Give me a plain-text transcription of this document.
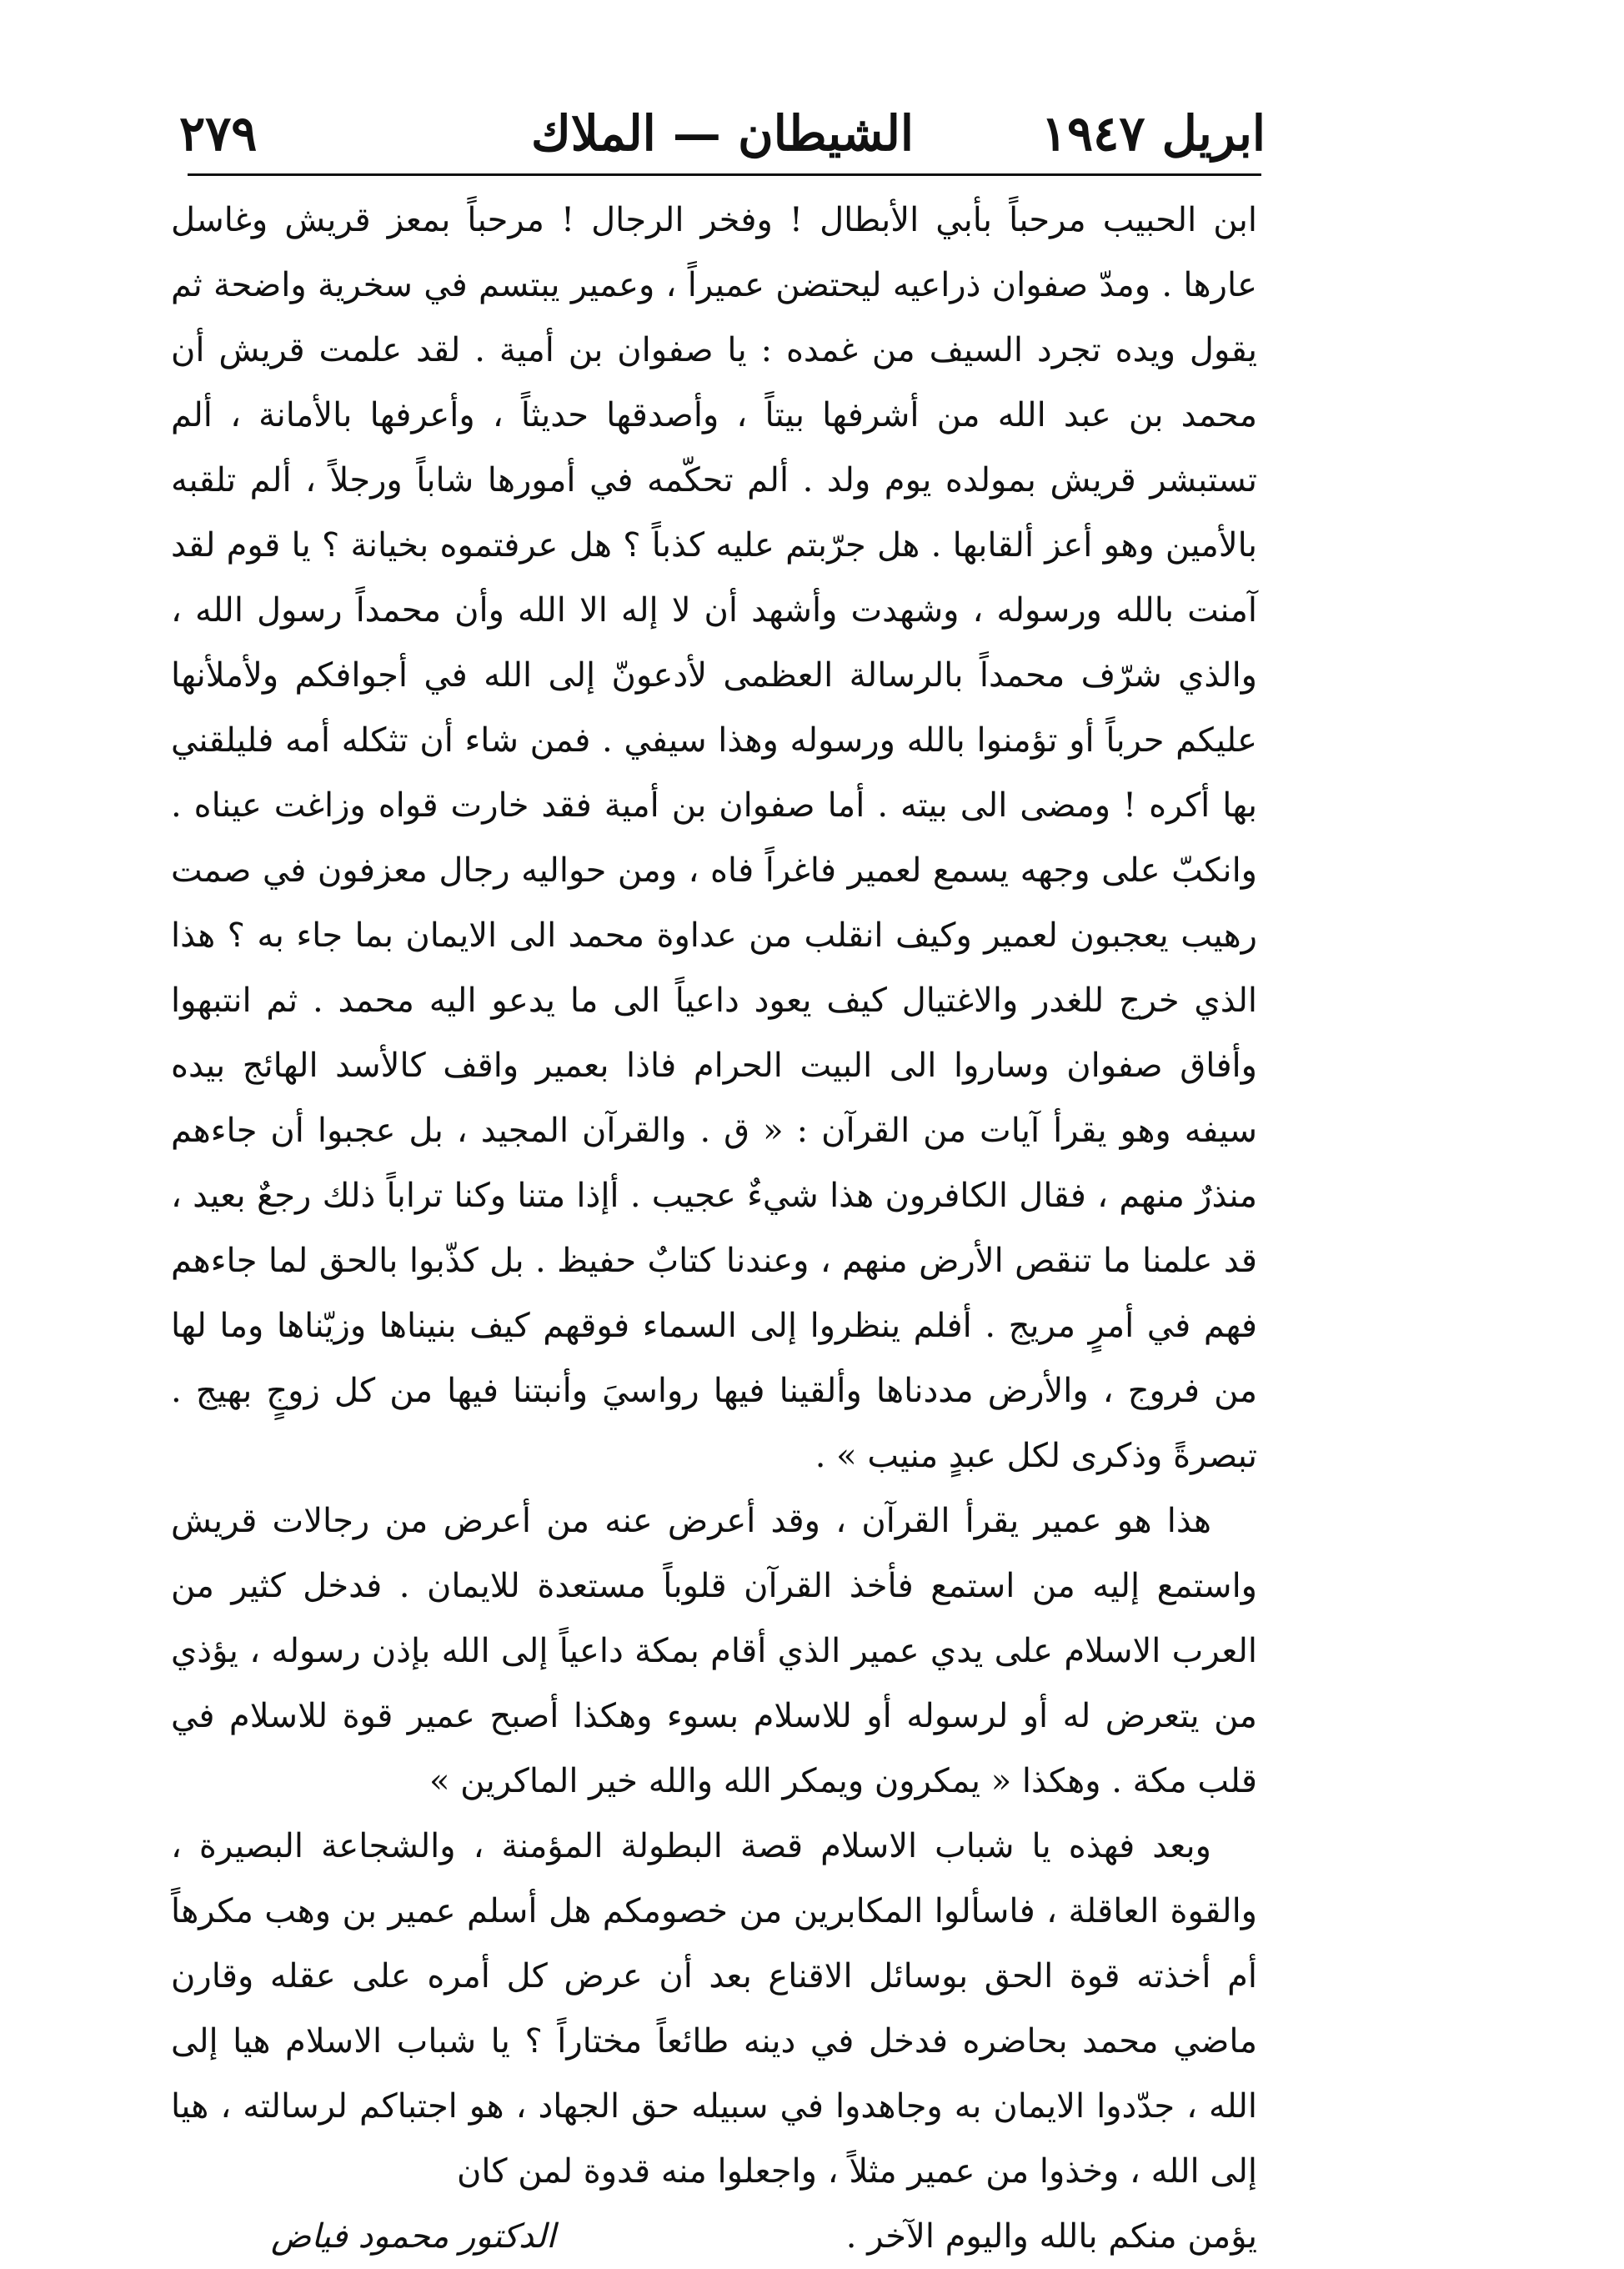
ابريل ١٩٤٧
الشيطان — الملاك
٢٧٩

ابن الحبيب مرحباً بأبي الأبطال ! وفخر الرجال ! مرحباً بمعز قريش وغاسل عارها . ومدّ صفوان ذراعيه ليحتضن عميراً ، وعمير يبتسم في سخرية واضحة ثم يقول ويده تجرد السيف من غمده : يا صفوان بن أمية . لقد علمت قريش أن محمد بن عبد الله من أشرفها بيتاً ، وأصدقها حديثاً ، وأعرفها بالأمانة ، ألم تستبشر قريش بمولده يوم ولد . ألم تحكّمه في أمورها شاباً ورجلاً ، ألم تلقبه بالأمين وهو أعز ألقابها . هل جرّبتم عليه كذباً ؟ هل عرفتموه بخيانة ؟ يا قوم لقد آمنت بالله ورسوله ، وشهدت وأشهد أن لا إله الا الله وأن محمداً رسول الله ، والذي شرّف محمداً بالرسالة العظمى لأدعونّ إلى الله في أجوافكم ولأملأنها عليكم حرباً أو تؤمنوا بالله ورسوله وهذا سيفي . فمن شاء أن تثكله أمه فليلقني بها أكره ! ومضى الى بيته . أما صفوان بن أمية فقد خارت قواه وزاغت عيناه . وانكبّ على وجهه يسمع لعمير فاغراً فاه ، ومن حواليه رجال معزفون في صمت رهيب يعجبون لعمير وكيف انقلب من عداوة محمد الى الايمان بما جاء به ؟ هذا الذي خرج للغدر والاغتيال كيف يعود داعياً الى ما يدعو اليه محمد . ثم انتبهوا وأفاق صفوان وساروا الى البيت الحرام فاذا بعمير واقف كالأسد الهائج بيده سيفه وهو يقرأ آيات من القرآن : « ق . والقرآن المجيد ، بل عجبوا أن جاءهم منذرٌ منهم ، فقال الكافرون هذا شيءٌ عجيب . أإذا متنا وكنا تراباً ذلك رجعٌ بعيد ، قد علمنا ما تنقص الأرض منهم ، وعندنا كتابٌ حفيظ . بل كذّبوا بالحق لما جاءهم فهم في أمرٍ مريج . أفلم ينظروا إلى السماء فوقهم كيف بنيناها وزيّناها وما لها من فروج ، والأرض مددناها وألقينا فيها رواسيَ وأنبتنا فيها من كل زوجٍ بهيج . تبصرةً وذكرى لكل عبدٍ منيب » .

هذا هو عمير يقرأ القرآن ، وقد أعرض عنه من أعرض من رجالات قريش واستمع إليه من استمع فأخذ القرآن قلوباً مستعدة للايمان . فدخل كثير من العرب الاسلام على يدي عمير الذي أقام بمكة داعياً إلى الله بإذن رسوله ، يؤذي من يتعرض له أو لرسوله أو للاسلام بسوء وهكذا أصبح عمير قوة للاسلام في قلب مكة . وهكذا « يمكرون ويمكر الله والله خير الماكرين »

وبعد فهذه يا شباب الاسلام قصة البطولة المؤمنة ، والشجاعة البصيرة ، والقوة العاقلة ، فاسألوا المكابرين من خصومكم هل أسلم عمير بن وهب مكرهاً أم أخذته قوة الحق بوسائل الاقناع بعد أن عرض كل أمره على عقله وقارن ماضي محمد بحاضره فدخل في دينه طائعاً مختاراً ؟ يا شباب الاسلام هيا إلى الله ، جدّدوا الايمان به وجاهدوا في سبيله حق الجهاد ، هو اجتباكم لرسالته ، هيا إلى الله ، وخذوا من عمير مثلاً ، واجعلوا منه قدوة لمن كان

يؤمن منكم بالله واليوم الآخر .
الدكتور محمود فياض
